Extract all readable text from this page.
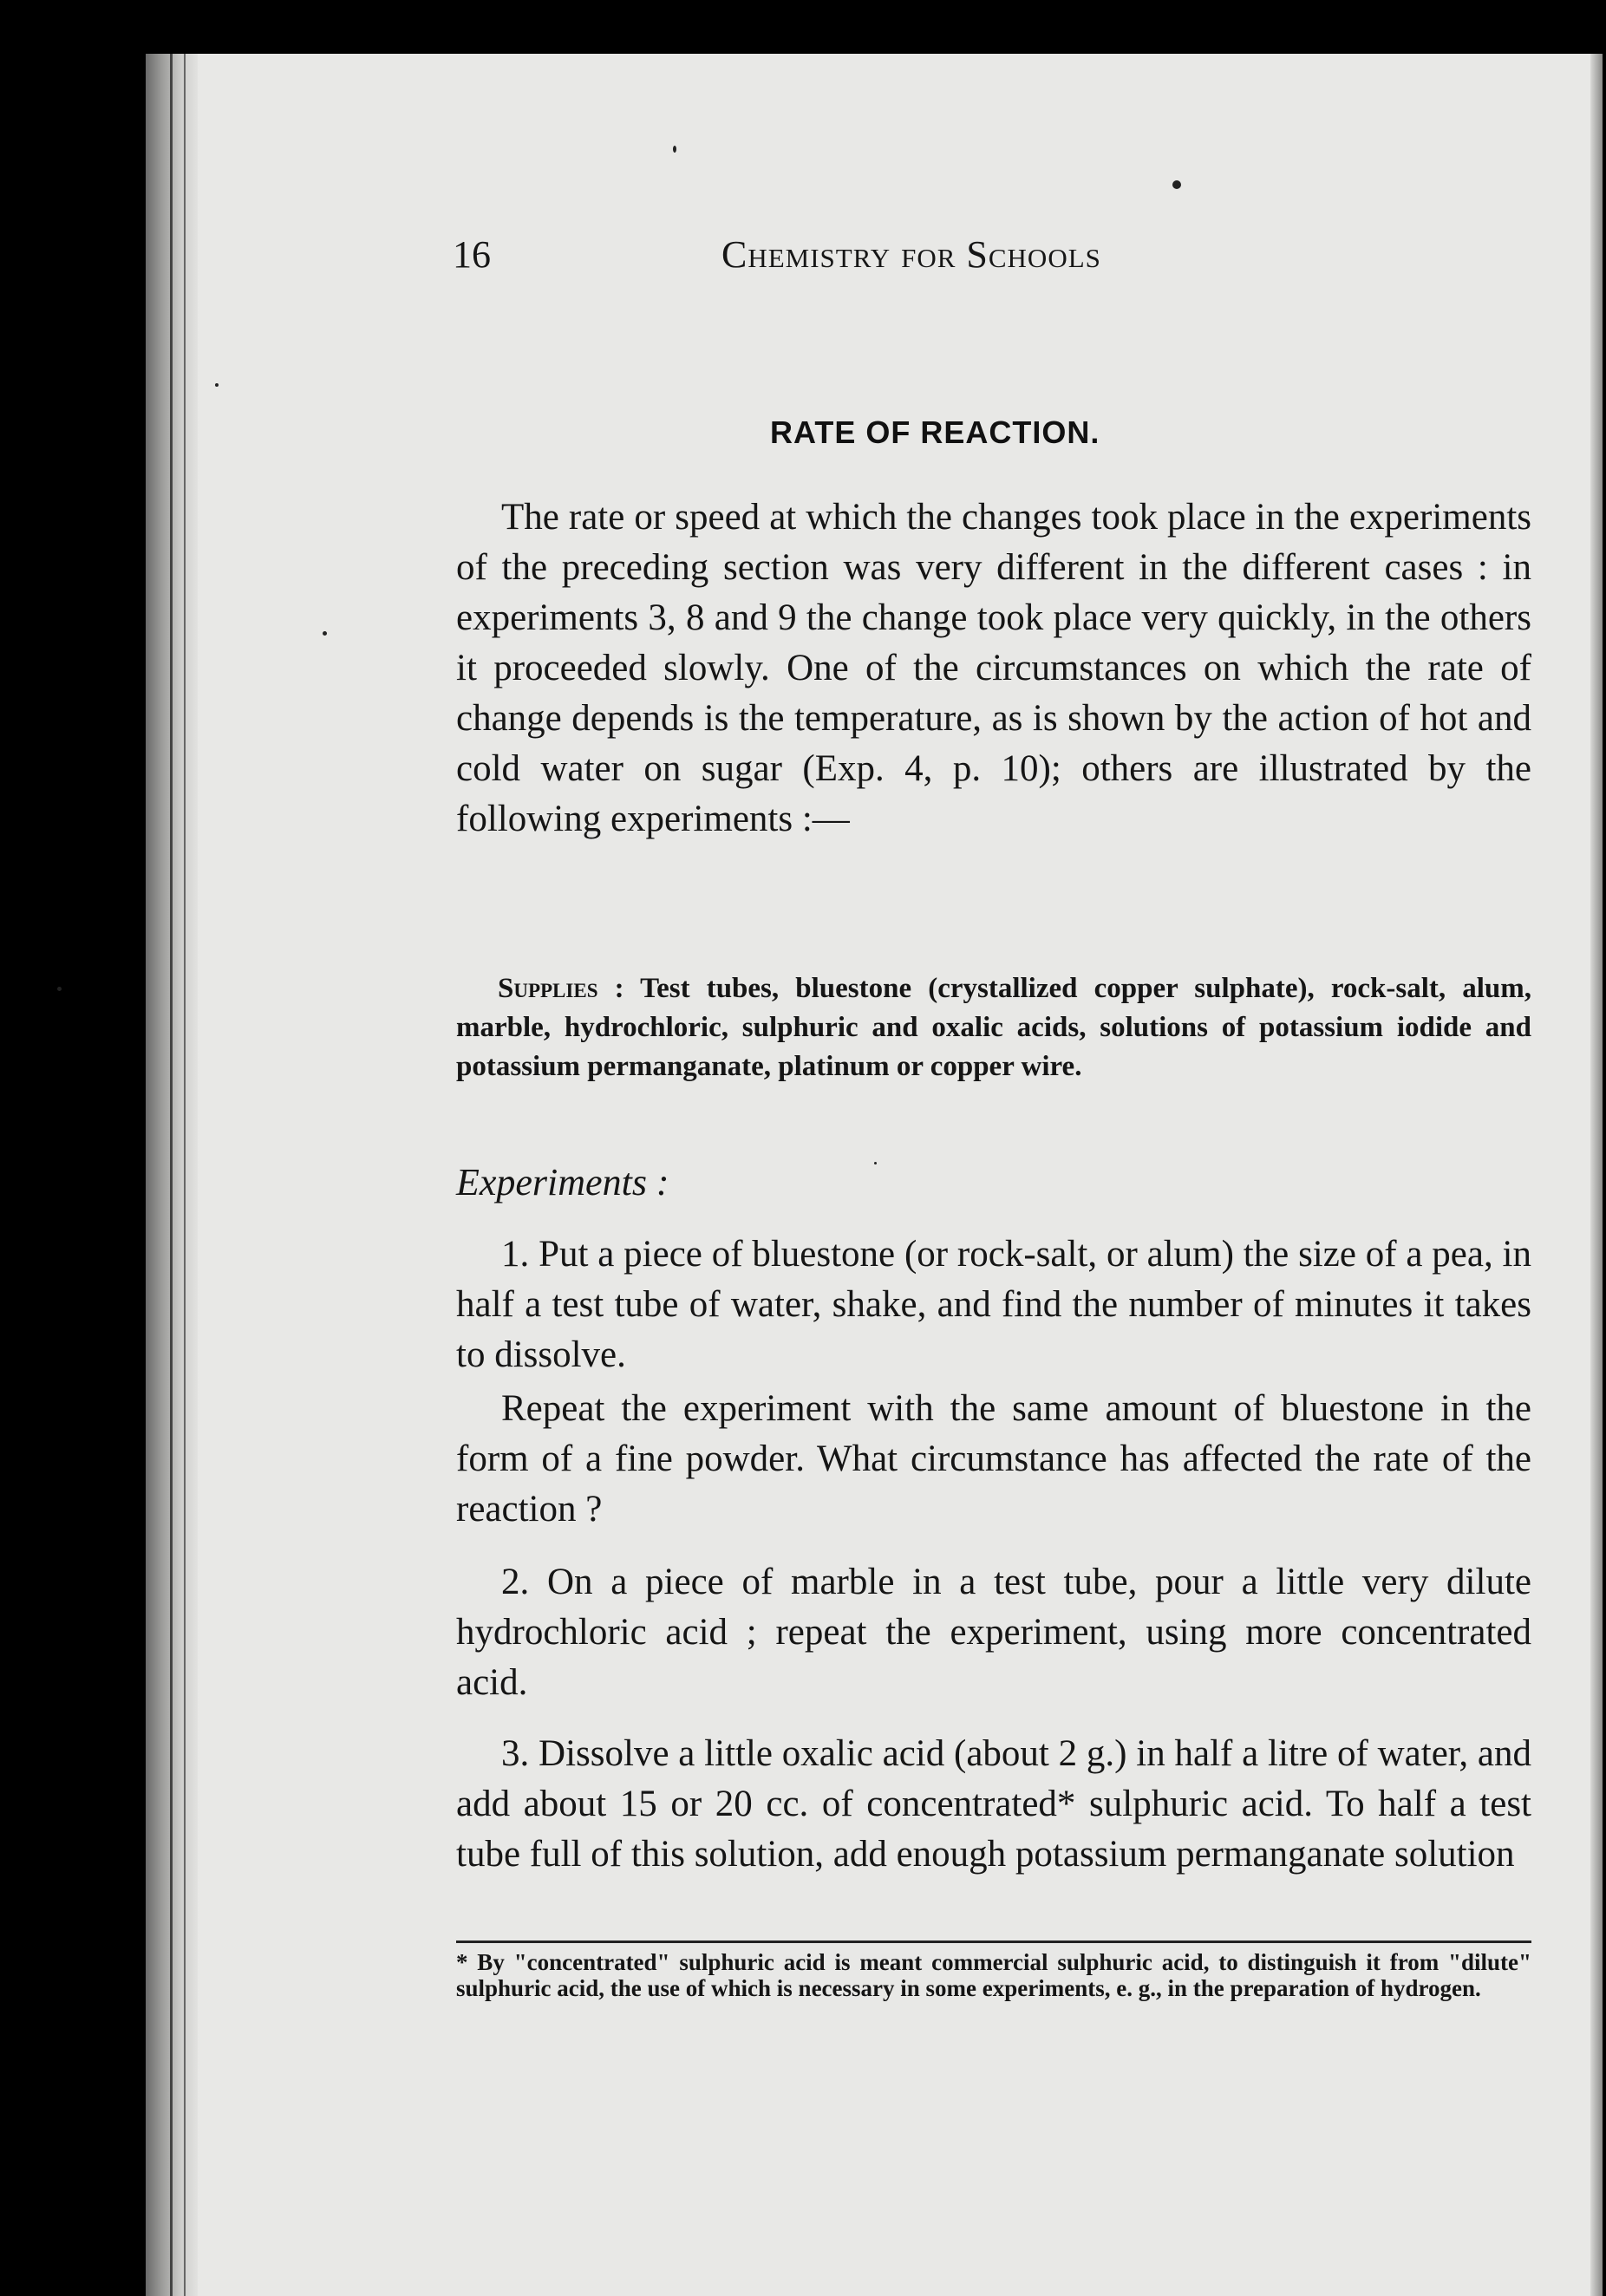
16	Chemistry for Schools
RATE OF REACTION.

The rate or speed at which the changes took place in the experiments of the preceding section was very different in the different cases : in experiments 3, 8 and 9 the change took place very quickly, in the others it proceeded slowly. One of the circumstances on which the rate of change depends is the temperature, as is shown by the action of hot and cold water on sugar (Exp. 4, p. 10); others are illustrated by the following experiments :—

Supplies : Test tubes, bluestone (crystallized copper sulphate), rock-salt, alum, marble, hydrochloric, sulphuric and oxalic acids, solutions of potassium iodide and potassium permanganate, platinum or copper wire.

Experiments :

1. Put a piece of bluestone (or rock-salt, or alum) the size of a pea, in half a test tube of water, shake, and find the number of minutes it takes to dissolve.

Repeat the experiment with the same amount of bluestone in the form of a fine powder. What circumstance has affected the rate of the reaction ?

2. On a piece of marble in a test tube, pour a little very dilute hydrochloric acid ; repeat the experiment, using more concentrated acid.

3. Dissolve a little oxalic acid (about 2 g.) in half a litre of water, and add about 15 or 20 cc. of concentrated* sulphuric acid. To half a test tube full of this solution, add enough potassium permanganate solution

* By "concentrated" sulphuric acid is meant commercial sulphuric acid, to distinguish it from "dilute" sulphuric acid, the use of which is necessary in some experiments, e. g., in the preparation of hydrogen.
